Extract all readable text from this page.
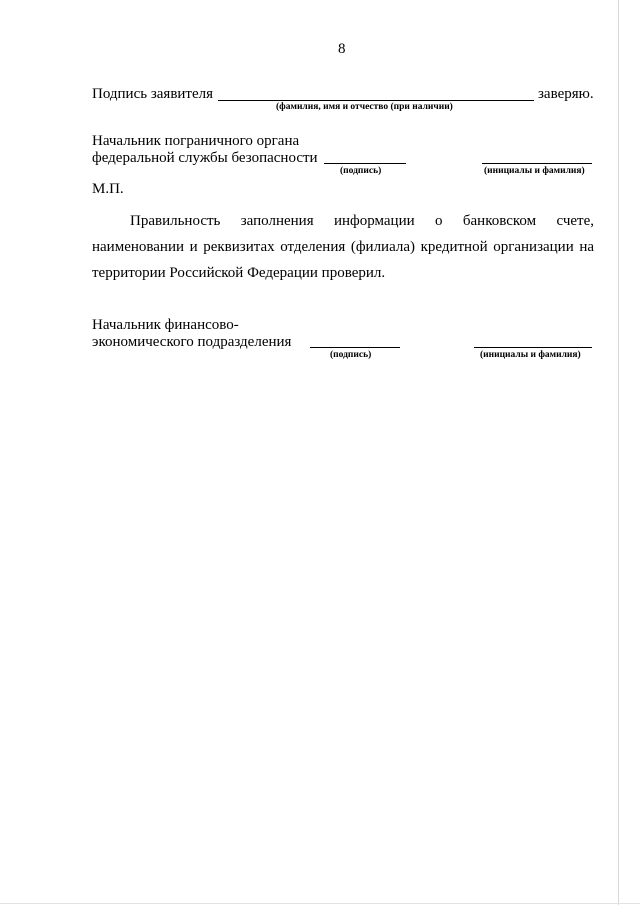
8
Подпись заявителя	заверяю.
(фамилия, имя и отчество (при наличии)
Начальник пограничного органа
федеральной службы безопасности
(подпись)	(инициалы и фамилия)
М.П.
Правильность заполнения информации о банковском счете,
наименовании и реквизитах отделения (филиала) кредитной организации на
территории Российской Федерации проверил.
Начальник финансово-
экономического подразделения
(подпись)	(инициалы и фамилия)
